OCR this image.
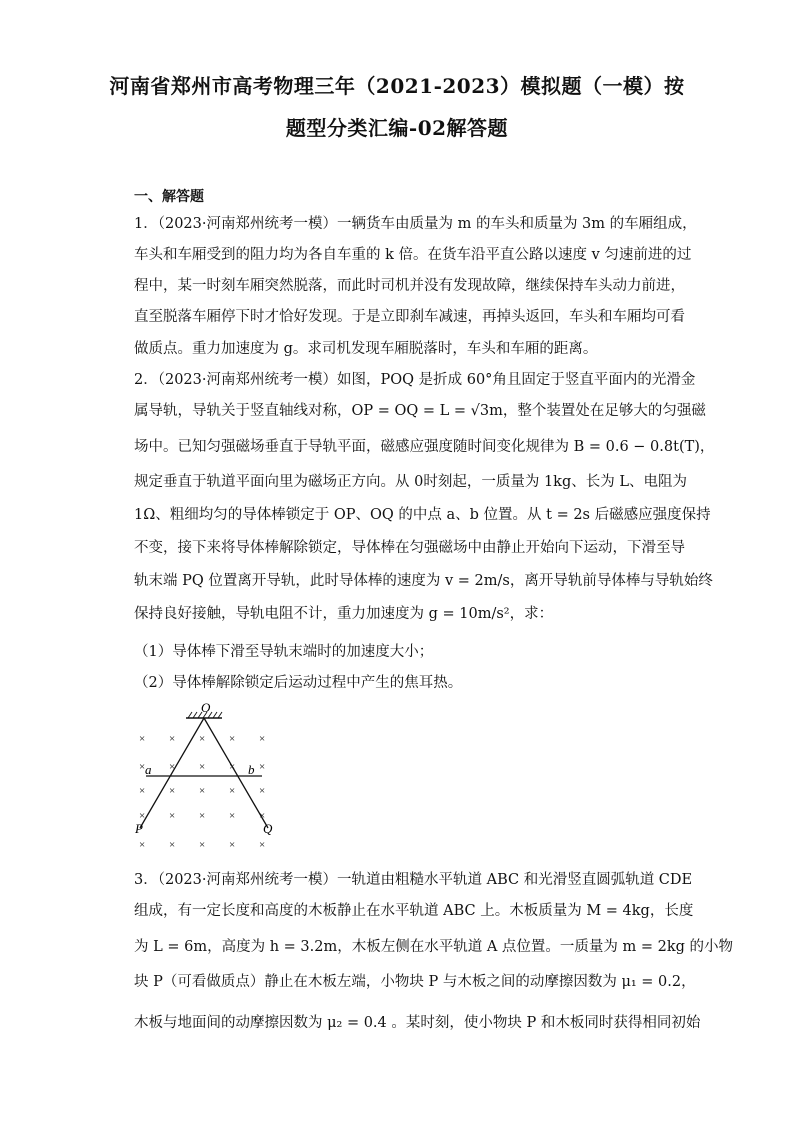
河南省郑州市高考物理三年（2021-2023）模拟题（一模）按
题型分类汇编-02解答题
一、解答题
1．（2023·河南郑州统考一模）一辆货车由质量为 m 的车头和质量为 3m 的车厢组成，
车头和车厢受到的阻力均为各自车重的 k 倍。在货车沿平直公路以速度 v 匀速前进的过
程中，某一时刻车厢突然脱落，而此时司机并没有发现故障，继续保持车头动力前进，
直至脱落车厢停下时才恰好发现。于是立即刹车减速，再掉头返回，车头和车厢均可看
做质点。重力加速度为 g。求司机发现车厢脱落时，车头和车厢的距离。
2．（2023·河南郑州统考一模）如图，POQ 是折成 60°角且固定于竖直平面内的光滑金
属导轨，导轨关于竖直轴线对称，OP = OQ = L = √3m，整个装置处在足够大的匀强磁
场中。已知匀强磁场垂直于导轨平面，磁感应强度随时间变化规律为 B = 0.6 − 0.8t(T)，
规定垂直于轨道平面向里为磁场正方向。从 0时刻起，一质量为 1kg、长为 L、电阻为
1Ω、粗细均匀的导体棒锁定于 OP、OQ 的中点 a、b 位置。从 t = 2s 后磁感应强度保持
不变，接下来将导体棒解除锁定，导体棒在匀强磁场中由静止开始向下运动，下滑至导
轨末端 PQ 位置离开导轨，此时导体棒的速度为 v = 2m/s，离开导轨前导体棒与导轨始终
保持良好接触，导轨电阻不计，重力加速度为 g = 10m/s²，求：
（1）导体棒下滑至导轨末端时的加速度大小；
（2）导体棒解除锁定后运动过程中产生的焦耳热。
O
a	b
P	Q
× × × × ×
× × × × ×
× × × × ×
× × × × ×
× × × × ×
3．（2023·河南郑州统考一模）一轨道由粗糙水平轨道 ABC 和光滑竖直圆弧轨道 CDE
组成，有一定长度和高度的木板静止在水平轨道 ABC 上。木板质量为 M = 4kg，长度
为 L = 6m，高度为 h = 3.2m，木板左侧在水平轨道 A 点位置。一质量为 m = 2kg 的小物
块 P（可看做质点）静止在木板左端，小物块 P 与木板之间的动摩擦因数为 μ₁ = 0.2，
木板与地面间的动摩擦因数为 μ₂ = 0.4 。某时刻，使小物块 P 和木板同时获得相同初始
